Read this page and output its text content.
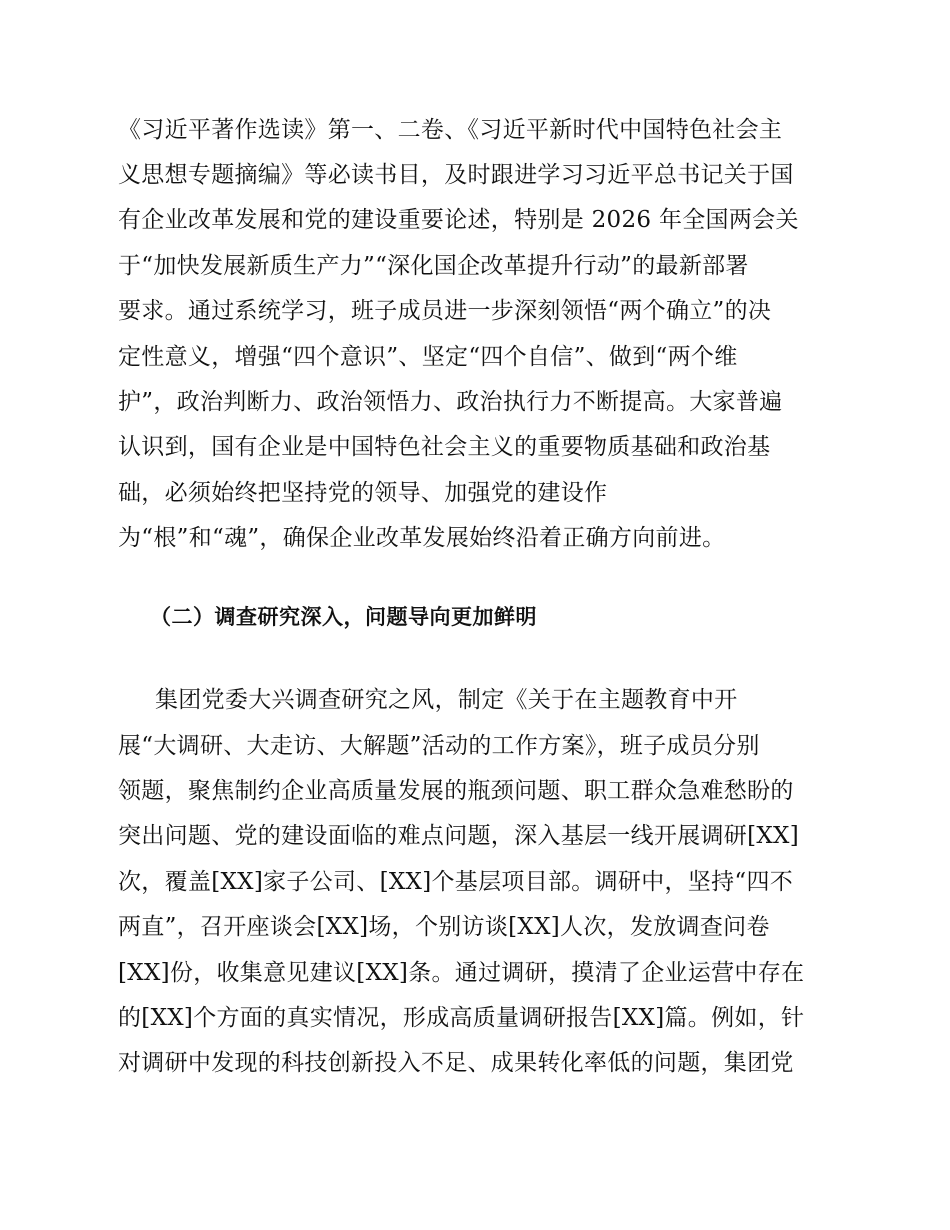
《习近平著作选读》第一、二卷、《习近平新时代中国特色社会主
义思想专题摘编》等必读书目，及时跟进学习习近平总书记关于国
有企业改革发展和党的建设重要论述，特别是 2026 年全国两会关
于“加快发展新质生产力”“深化国企改革提升行动”的最新部署
要求。通过系统学习，班子成员进一步深刻领悟“两个确立”的决
定性意义，增强“四个意识”、坚定“四个自信”、做到“两个维
护”，政治判断力、政治领悟力、政治执行力不断提高。大家普遍
认识到，国有企业是中国特色社会主义的重要物质基础和政治基
础，必须始终把坚持党的领导、加强党的建设作
为“根”和“魂”，确保企业改革发展始终沿着正确方向前进。
（二）调查研究深入，问题导向更加鲜明
集团党委大兴调查研究之风，制定《关于在主题教育中开
展“大调研、大走访、大解题”活动的工作方案》，班子成员分别
领题，聚焦制约企业高质量发展的瓶颈问题、职工群众急难愁盼的
突出问题、党的建设面临的难点问题，深入基层一线开展调研[XX]
次，覆盖[XX]家子公司、[XX]个基层项目部。调研中，坚持“四不
两直”，召开座谈会[XX]场，个别访谈[XX]人次，发放调查问卷
[XX]份，收集意见建议[XX]条。通过调研，摸清了企业运营中存在
的[XX]个方面的真实情况，形成高质量调研报告[XX]篇。例如，针
对调研中发现的科技创新投入不足、成果转化率低的问题，集团党
